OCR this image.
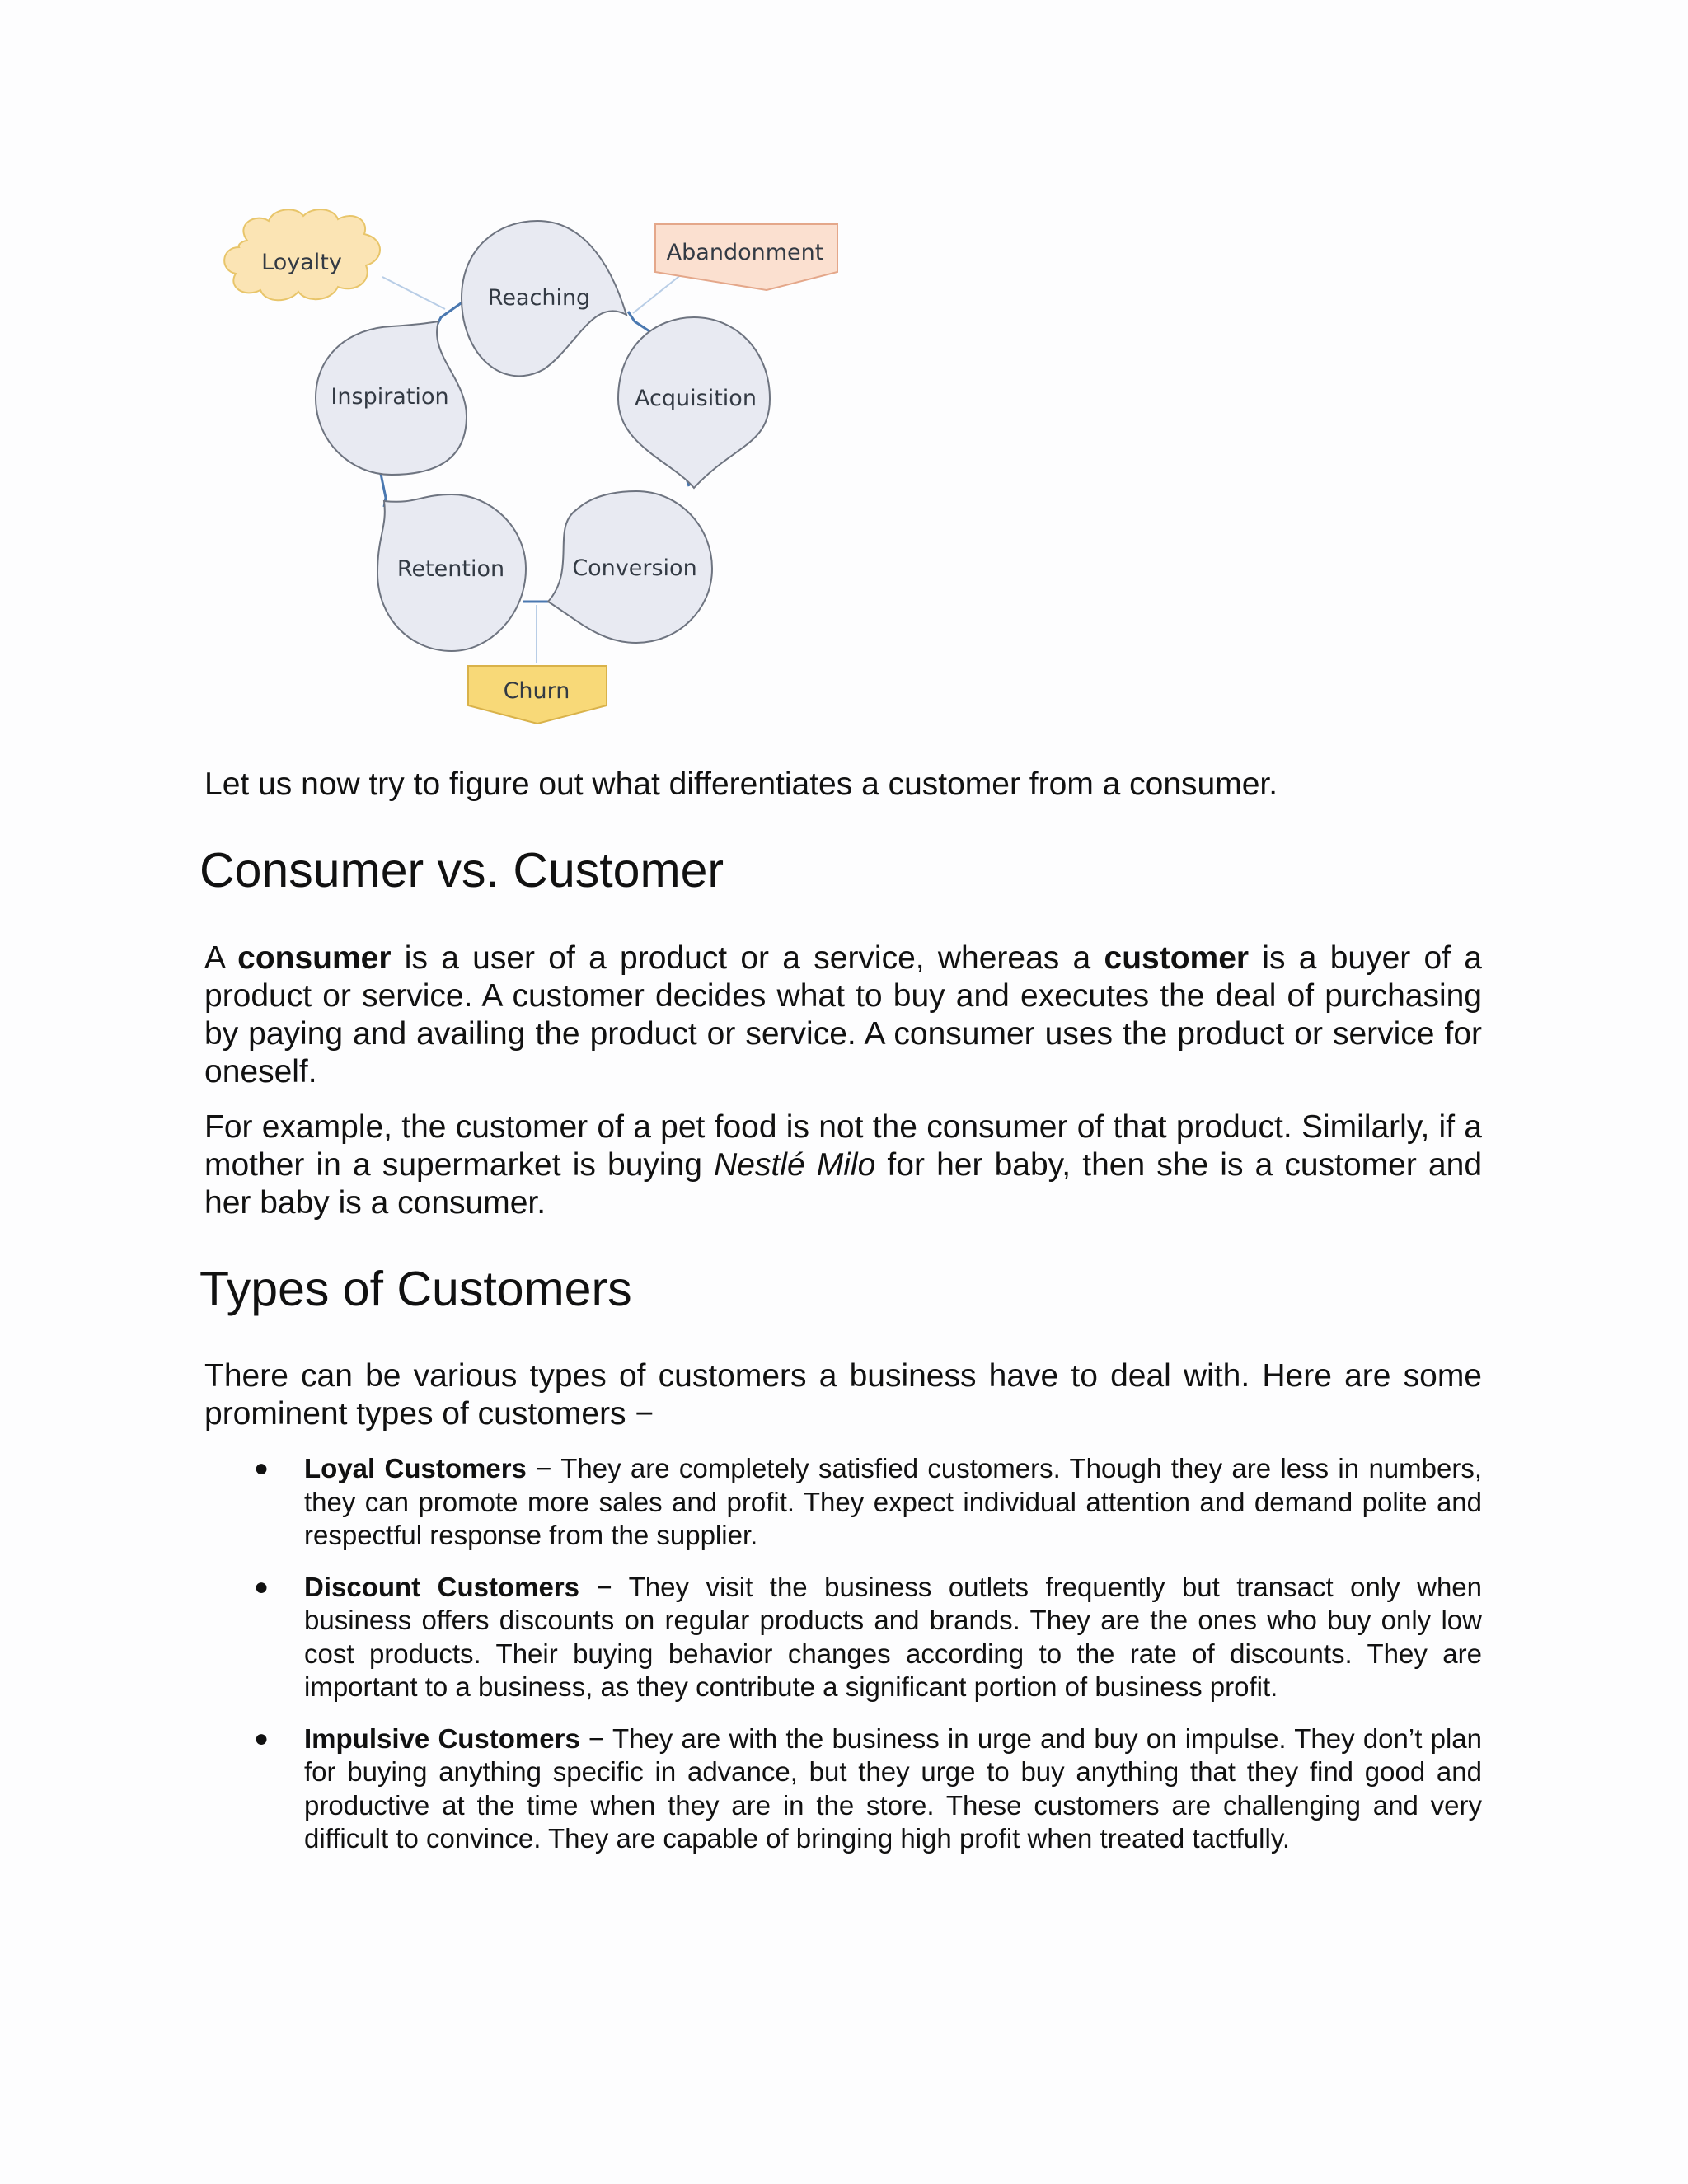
Reaching
Acquisition
Conversion
Retention
Inspiration
Loyalty	Abandonment
Churn

Let us now try to figure out what differentiates a customer from a consumer.

Consumer vs. Customer

A consumer is a user of a product or a service, whereas a customer is a buyer of a product or service. A customer decides what to buy and executes the deal of purchasing by paying and availing the product or service. A consumer uses the product or service for oneself.

For example, the customer of a pet food is not the consumer of that product. Similarly, if a mother in a supermarket is buying Nestlé Milo for her baby, then she is a customer and her baby is a consumer.

Types of Customers

There can be various types of customers a business have to deal with. Here are some prominent types of customers −

● Loyal Customers − They are completely satisfied customers. Though they are less in numbers, they can promote more sales and profit. They expect individual attention and demand polite and respectful response from the supplier.
● Discount Customers − They visit the business outlets frequently but transact only when business offers discounts on regular products and brands. They are the ones who buy only low cost products. Their buying behavior changes according to the rate of discounts. They are important to a business, as they contribute a significant portion of business profit.
● Impulsive Customers − They are with the business in urge and buy on impulse. They don’t plan for buying anything specific in advance, but they urge to buy anything that they find good and productive at the time when they are in the store. These customers are challenging and very difficult to convince. They are capable of bringing high profit when treated tactfully.
